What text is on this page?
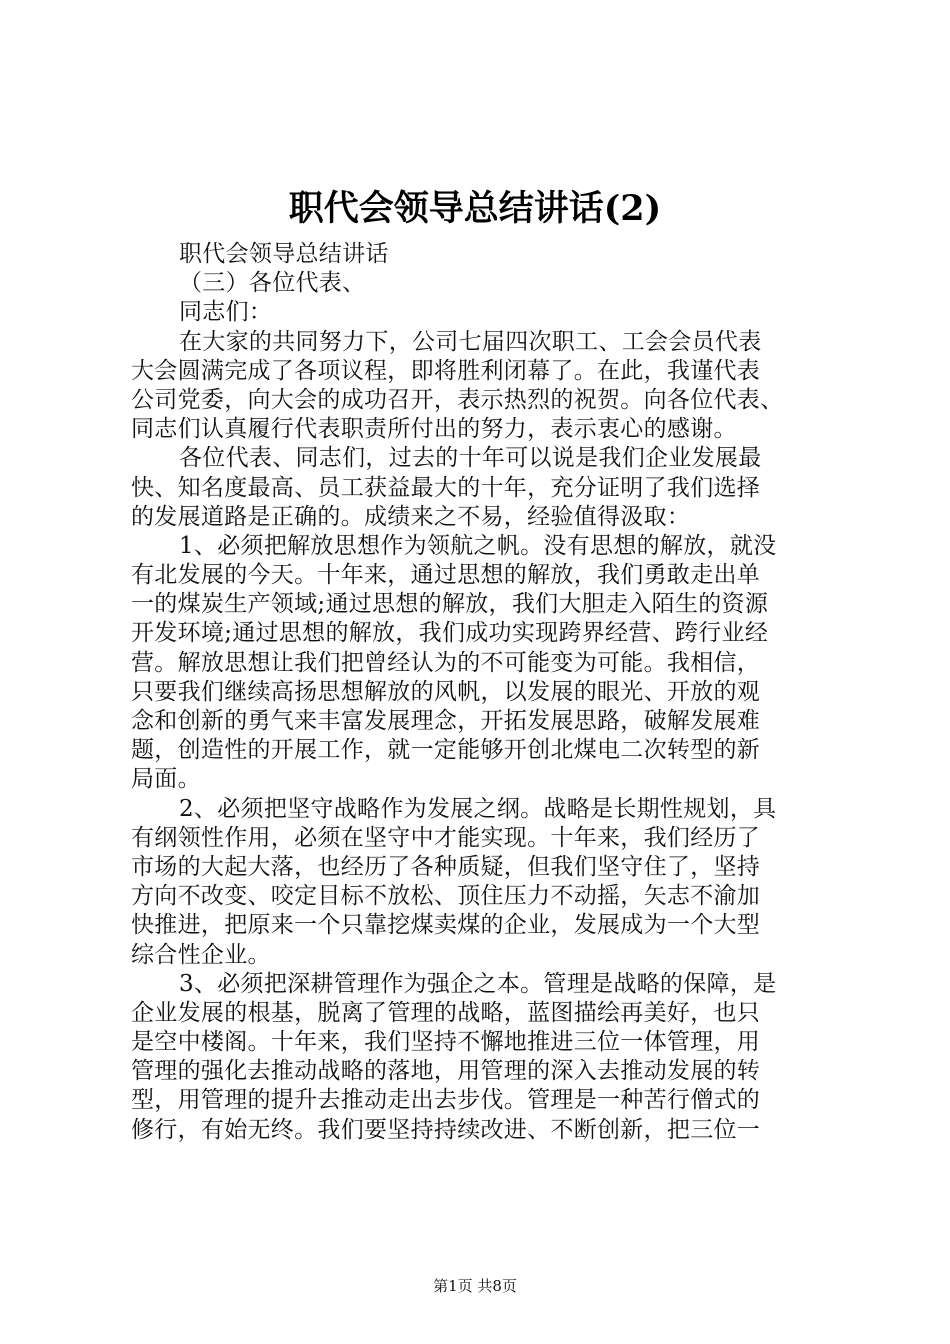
职代会领导总结讲话(2)
职代会领导总结讲话
（三）各位代表、
同志们：
在大家的共同努力下，公司七届四次职工、工会会员代表
大会圆满完成了各项议程，即将胜利闭幕了。在此，我谨代表
公司党委，向大会的成功召开，表示热烈的祝贺。向各位代表、
同志们认真履行代表职责所付出的努力，表示衷心的感谢。
各位代表、同志们，过去的十年可以说是我们企业发展最
快、知名度最高、员工获益最大的十年，充分证明了我们选择
的发展道路是正确的。成绩来之不易，经验值得汲取：
1、必须把解放思想作为领航之帆。没有思想的解放，就没
有北发展的今天。十年来，通过思想的解放，我们勇敢走出单
一的煤炭生产领域;通过思想的解放，我们大胆走入陌生的资源
开发环境;通过思想的解放，我们成功实现跨界经营、跨行业经
营。解放思想让我们把曾经认为的不可能变为可能。我相信，
只要我们继续高扬思想解放的风帆，以发展的眼光、开放的观
念和创新的勇气来丰富发展理念，开拓发展思路，破解发展难
题，创造性的开展工作，就一定能够开创北煤电二次转型的新
局面。
2、必须把坚守战略作为发展之纲。战略是长期性规划，具
有纲领性作用，必须在坚守中才能实现。十年来，我们经历了
市场的大起大落，也经历了各种质疑，但我们坚守住了，坚持
方向不改变、咬定目标不放松、顶住压力不动摇，矢志不渝加
快推进，把原来一个只靠挖煤卖煤的企业，发展成为一个大型
综合性企业。
3、必须把深耕管理作为强企之本。管理是战略的保障，是
企业发展的根基，脱离了管理的战略，蓝图描绘再美好，也只
是空中楼阁。十年来，我们坚持不懈地推进三位一体管理，用
管理的强化去推动战略的落地，用管理的深入去推动发展的转
型，用管理的提升去推动走出去步伐。管理是一种苦行僧式的
修行，有始无终。我们要坚持持续改进、不断创新，把三位一
第1页 共8页
